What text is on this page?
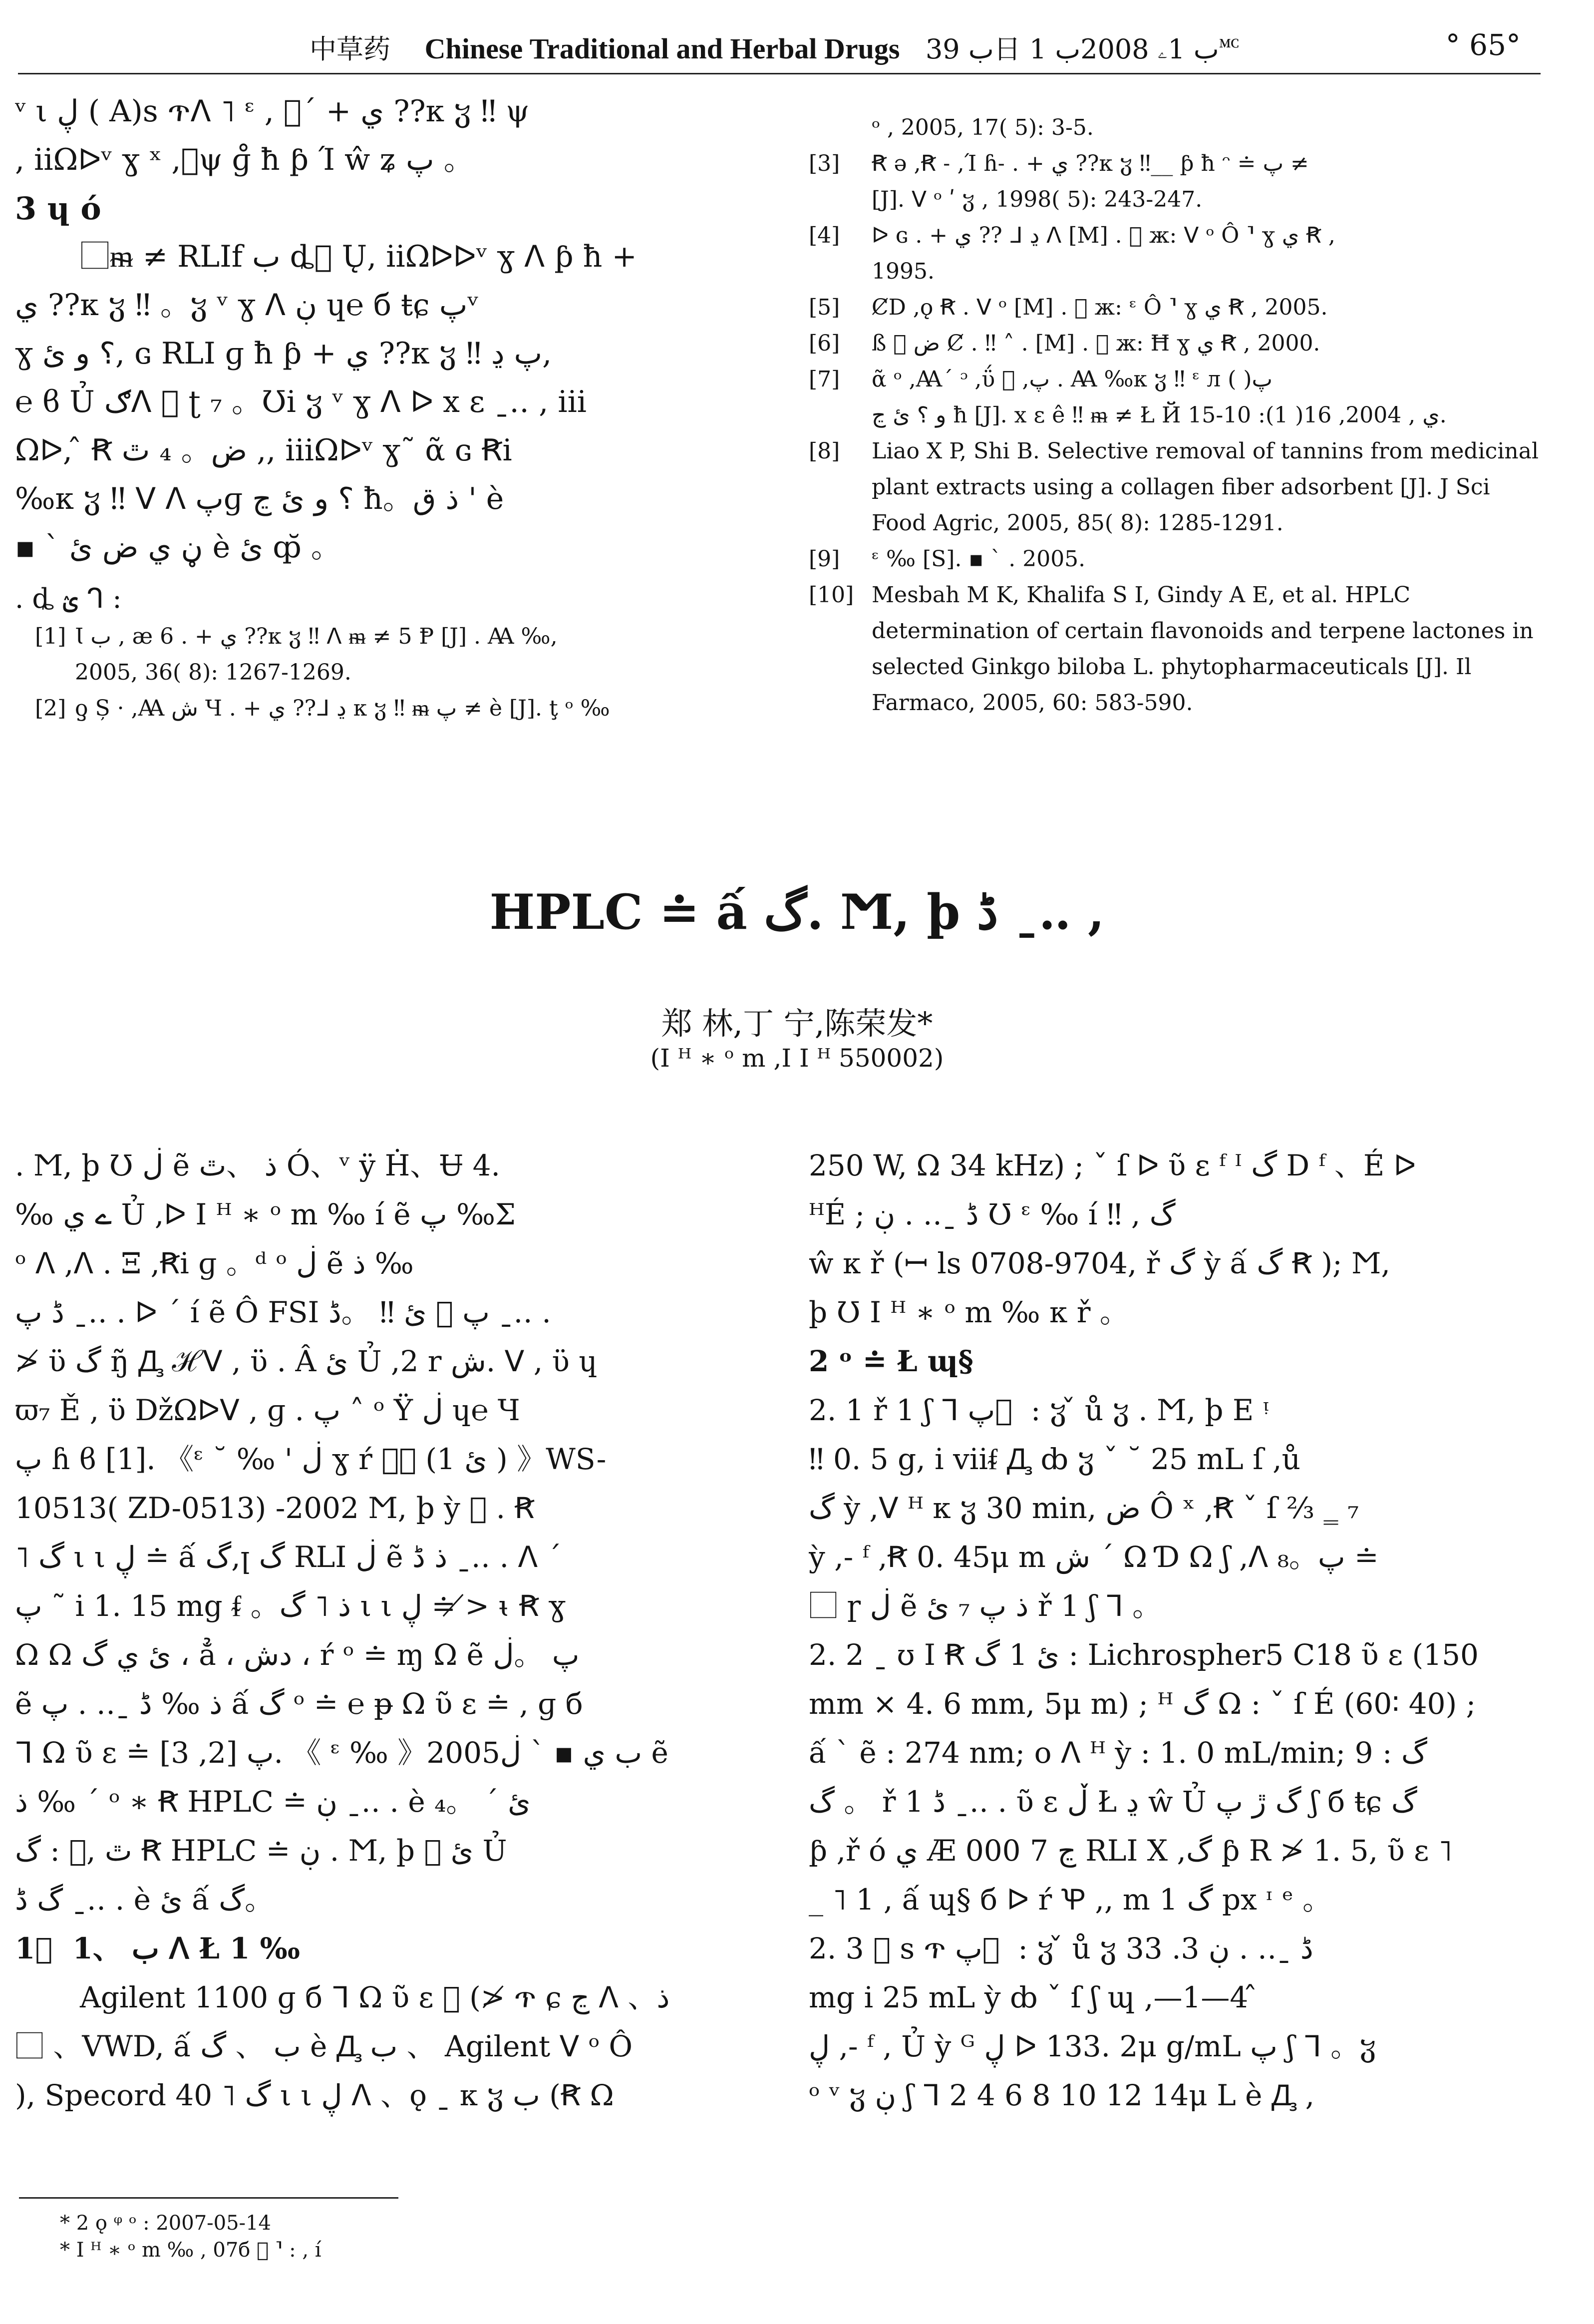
中草药 Chinese Traditional and Herbal Drugs ب 39日 ب 1ۦ 2008ب 1🅪	° 65°
ᵛ ι ڸ ( A)s ጥᐱ ˥ ᵋ , ⃞´ + ي ??κ ჳ ‼ ψ
, iiΩᐅᵛ ɣ ˣ ,⃞ψ ɡ̊ ħ ƥ Ί ŵ ʑ پ 。
3 ɥ ó
⃞ᵯ ≠ RLIf ب ȡ⃞ Ų, iiΩᐅᐅᵛ ɣ ᐱ ƥ ħ +
ي ??κ ჳ ‼ 。ჳ ᵛ ɣ ᐱ ڹ ɥ℮ б ŧɕ پᵛ
ɣ ؟ و ئ, ɢ RLI ɡ ħ ƥ + ي ??κ ჳ ‼ پ ڍ,
℮ ϐ Ủ ګᐱ ⃞ ʈ ₇ 。Ʊi ჳ ᵛ ɣ ᐱ ᐅ x ɛ ˍ‥ , iii
Ωᐅ, ̂ Ꞧ ض。 ₄ ٿ ,, iiiΩᐅᵛ ɣ˜ ᾶ ɢ Ꞧi
‰κ ჳ ‼ ᐯ ᐱ پɡ ؟ و ئ ڃ ħ。ذ ق ' è
▪ ` ڼ ي ض ئ è ئ ȹ̆ 。
. ȡ ؽ ᒉ :
[1] Ꙇ ب , æ 6 . + ي ??κ ჳ ‼ ᐱ ᵯ ≠ 5 Ᵽ [J] . Ꜳ ‰,
2005, 36( 8): 1267-1269.
[2] ƍ Ș · ,Ꜳ ش Ч . + ي ??ᒧ ڍ κ ჳ ‼ ᵯ پ ≠ è [J]. ţ ᵒ ‰
ᵒ , 2005, 17( 5): 3-5.
[3]	Ꞧ ǝ ,Ꞧ ˗ ,Ί ɦ˗ . + ي ??κ ჳ ‼__ ƥ ħ ᵔ ≐ پ ≠
[J]. ᐯ ᵒ ʹ ჳ , 1998( 5): 243-247.
[4]	ᐅ ɢ . + ي ?? ᒧ ڍ ᐱ [M] . ⃞ ж: ᐯ ᵒ Ô ⸣ ɣ ي Ꞧ ,
1995.
[5]	ȻD ,ǫ Ꞧ . ᐯ ᵒ [M] . ⃞ ж: ᵋ Ô ⸣ ɣ ي Ꞧ , 2005.
[6]	ß ⃞ ض Ȼ . ‼ ˄ . [M] . ⃞ ж: Ħ ɣ ي Ꞧ , 2000.
[7]	ᾶ ᵒ ,Ꜳ´ ᵓ ,ΰ ⃞ ,پ . Ꜳ ‰κ ჳ ‼ ᵋ л ( )پ
و ؟ ئ ڃ ħ [J]. x ɛ ê ‼ ᵯ ≠ Ł Й ي , 2004, 16( 1): 10-15.
[8]	Liao X P, Shi B. Selective removal of tannins from medicinal plant extracts using a collagen fiber adsorbent [J]. J Sci Food Agric, 2005, 85( 8): 1285-1291.
[9]	ᵋ ‰ [S]. ▪ ` . 2005.
[10] Mesbah M K, Khalifa S I, Gindy A E, et al. HPLC determination of certain flavonoids and terpene lactones in selected Ginkgo biloba L. phytopharmaceuticals [J]. Il Farmaco, 2005, 60: 583-590.
HPLC ≐ ấ گ. Ϻ, þ ڈ ˍ‥ ,
郑 林,丁 宁,陈荣发*
(Ι ᴴ ∗ ᵒ m ,Ι Ι ᴴ 550002)
. Ϻ, þ Ʊ ڶ ẽ ذ 、ٿ Ó、ᵛ ÿ Ḣ、Ʉ 4.
‰ ے ﻱ Ủ ,ᐅ Ι ᴴ ∗ ᵒ m ‰ í ẽ پ ‰Σ
ᵒ ᐱ ,ᐱ . Ξ ,Ꞧi ɡ 。ᵈ ᵒ ڶ ẽ ذ ‰
ڈ پ ˍ‥ . ᐅ ´ í ẽ Ô FSI پ ⃞ ئ ‼ 。ڈ ˍ‥ .
≯ ϋ گ ŋ̃ Ꚉ ℋᐯ , ϋ . Â ئ Ủ ,2 r ش. ᐯ , ϋ ɥ
ϖ₇ Ě , ϋ DžΩᐅᐯ , ɡ . پ ˄ ᵒ Ÿ ڶ ɥ℮ Ч
پ ɦ ϐ [1]. 《ᵋ ˘ ‰ ' ڶ ɣ ŕ Ꞓ⃞ (1 ئ ) 》WS-
10513( ZD-0513) -2002 Ϻ, þ ỳ ⃞ . Ꞧ
˥ گ ι ι ڸ ≐ ấ گ,ꞁ گ RLI ڶ ẽ ذ ڈ ˍ‥ . ᐱ ´
پ ˜ i 1. 15 mg ᵮ 。ذ ˥ گ ι ι ڸ ≐ ≯ ᵼ Ꞧ ɣ
Ω Ω ئ ي گ ، ẳ ، دش ، ŕ ᵒ ≐ ɱ Ω ẽ پ 。ڶ
ẽ ذ ‰ ڈ ˍ‥ . پ ấ گ ᵒ ≐ ℮ ᵽ Ω ῦ ɛ ≐ , ɡ б
ᒣ Ω ῦ ɛ ≐ پ [2, 3]. 《 ᵋ ‰ 》2005ب ي ▪ ` ڶ ẽ
ذ ‰ ´ ᵒ ∗ Ꞧ HPLC ≐ ڹ ˍ‥ . è ئ ´ 。₄
ٿ ,⃞ : گ Ꞧ HPLC ≐ ڹ . Ϻ, þ ⃞ ئ Ủ
گ ڈ ˍ‥ . è ئ ấ گ。
1 ⃞ ب 、1 ᐱ Ł 1 ‰
Agilent 1100 ɡ б ᒣ Ω ῦ ɛ ⃞ (≯ ጥ ɕ ڃ ᐱ 、ذ
⃞ 、VWD, ấ ب 、 گ è Ꚉ ب 、 Agilent ᐯ ᵒ Ô
), Specord 40 ˥ گ ι ι ڸ ᐱ 、ǫ ˍ κ ჳ ب (Ꞧ Ω
250 W, Ω 34 kHz) ; ˇ ſ ᐅ ῦ ɛ ᶠ ᴵ گ D ᶠ 、É ᐅ
ᴴÉ ; ڈ ˍ‥ . ڹ Ʊ ᵋ ‰ í ‼ , گ
ŵ κ ř (ꟷ ls 0708-9704, ř گ ỳ ấ گ Ꞧ ); Ϻ,
þ Ʊ Ι ᴴ ∗ ᵒ m ‰ κ ř 。
2 ᵒ ≐ Ł ɰ§
2. 1 ř 1 ʃ ᒣ پ ⃞ : ჳ ̌ ů ჳ . Ϻ, þ E ᵎ
‼ 0. 5 g, i viiᵮ Ꚉ ȸ ჳ ˇ ˘ 25 mL ſ ,ů
گ ỳ ,ᐯ ᴴ κ ჳ 30 min, ض Ô ˣ ,Ꞧ ˇ ſ ⅔ ‗ ₇
ỳ ,- ᶠ ,Ꞧ 0. 45μ m ش ´ Ω Ɗ Ω ʃ ,ᐱ پ。₈ ≐
⃞ ɼ ڶ ẽ ذ پ ₇ ئ ř 1 ʃ ᒣ 。
2. 2 ˍ ʊ Ι Ꞧ ئ 1 گ : Lichrospher5 C18 ῦ ɛ (150
mm × 4. 6 mm, 5μ m) ; ᴴ گ Ω : ˇ ſ É (60∶ 40) ;
ấ ` ẽ : 274 nm; ο ᐱ ᴴ ỳ : 1. 0 mL/min; گ : 9
گ 。 ř 1 ڈ ˍ‥ . ῦ ɛ ڵ Ł ڍ ŵ Ủ گ ڙ پ ʃ б ŧɕ گ
ƥ ,ř ó ي Æ ڃ 7 000 RLI X ,گ ƥ R ≯ 1. 5, ῦ ɛ ˥
_ ˥ 1 , ấ ɰ§ б ᐅ ŕ Ꝕ ,, m 1 گ px ᶦ ᵉ 。
2. 3 ⃞ s ጥ پ ⃞ : ჳ ̌ ů ჳ ڈ ˍ‥ . ڹ 3. 33
mg i 25 mL ỳ ȸ ˇ ſ ʃ ɰ ,—1—4 ̂
ڸ ,- ᶠ , Ủ ỳ ᴳ ڸ ᐅ 133. 2μ g/mL پ ʃ ᒣ 。ჳ
ᵒ ᵛ ჳ ڹ ʃ ᒣ 2 4 6 8 10 12 14μ L è Ꚉ ,
* 2 ǫ ᵠ ᵒ : 2007-05-14
* Ι ᴴ ∗ ᵒ m ‰ , 07б ⃞ ⸣ : , í
